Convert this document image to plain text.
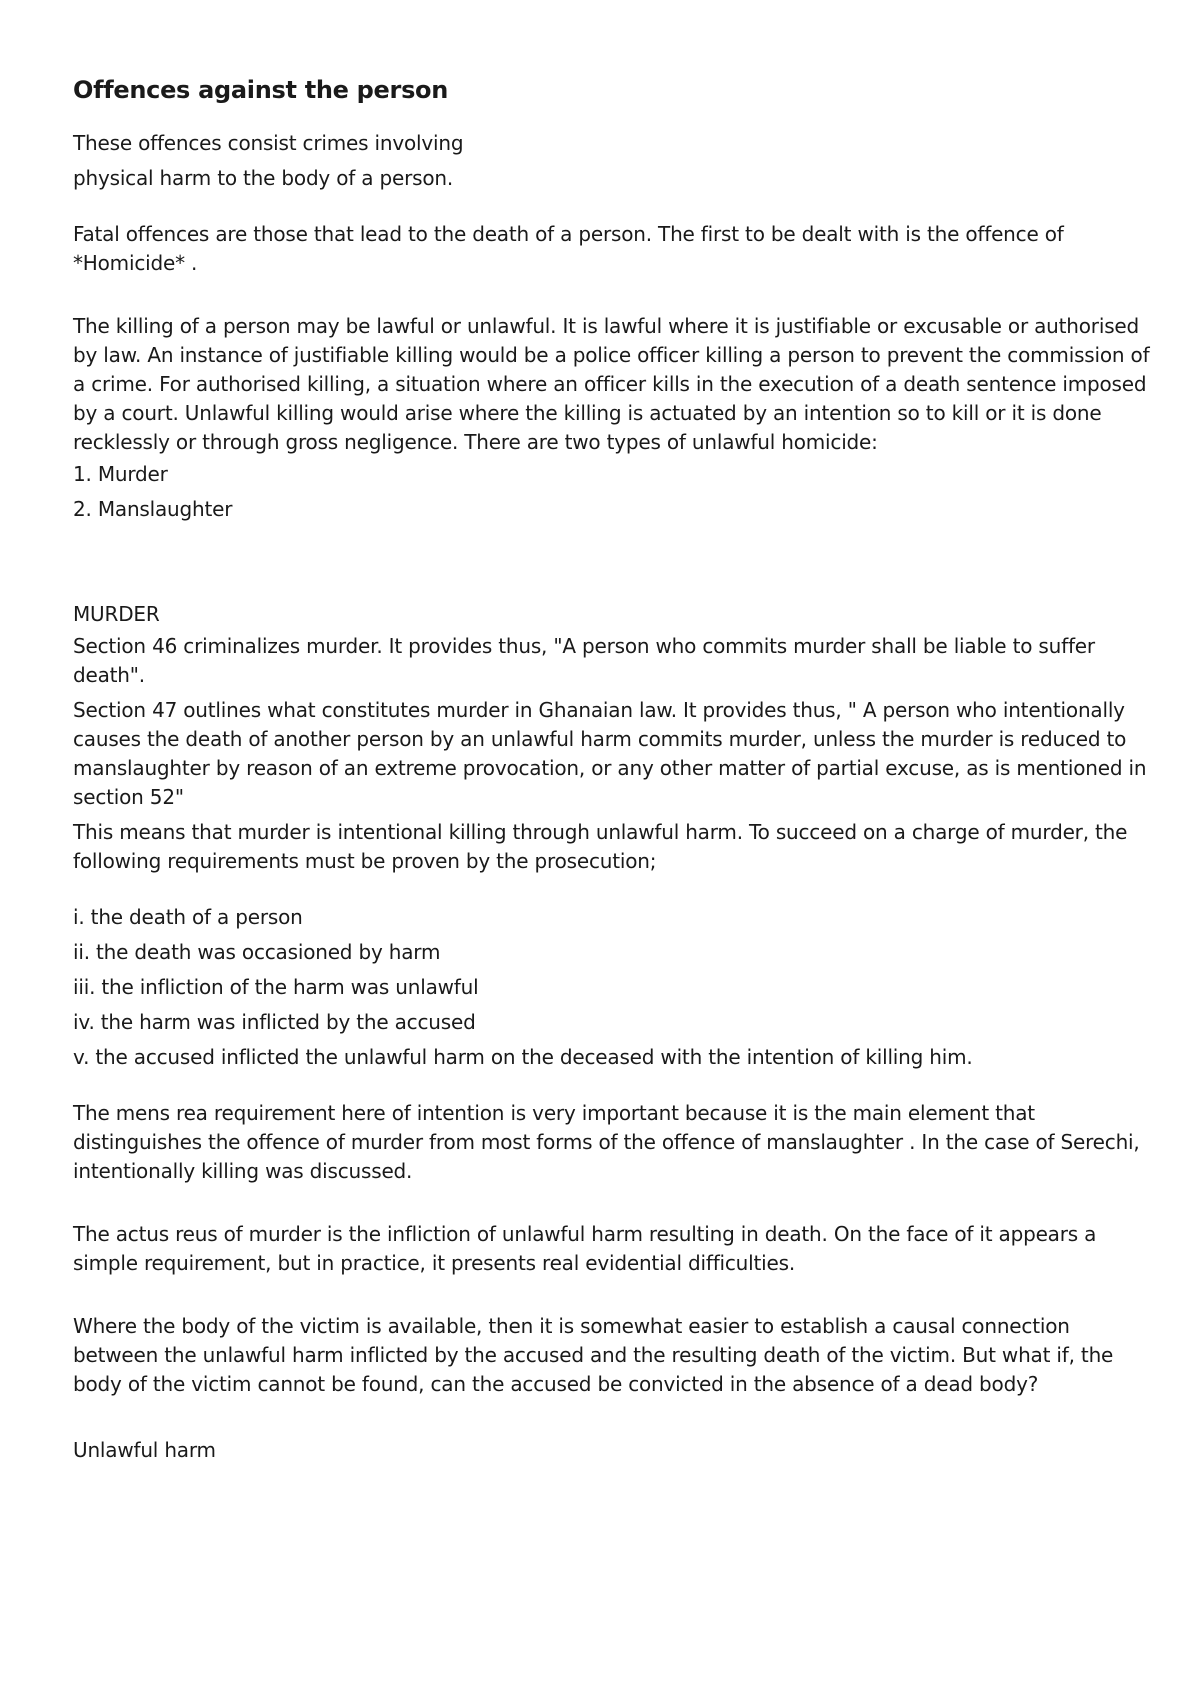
Offences against the person
These offences consist crimes involving
physical harm to the body of a person.

Fatal offences are those that lead to the death of a person. The first to be dealt with is the offence of *Homicide* .

The killing of a person may be lawful or unlawful. It is lawful where it is justifiable or excusable or authorised by law. An instance of justifiable killing would be a police officer killing a person to prevent the commission of a crime. For authorised killing, a situation where an officer kills in the execution of a death sentence imposed by a court. Unlawful killing would arise where the killing is actuated by an intention so to kill or it is done recklessly or through gross negligence. There are two types of unlawful homicide:

1. Murder
2. Manslaughter
MURDER

Section 46 criminalizes murder. It provides thus, "A person who commits murder shall be liable to suffer death".

Section 47 outlines what constitutes murder in Ghanaian law. It provides thus, " A person who intentionally causes the death of another person by an unlawful harm commits murder, unless the murder is reduced to manslaughter by reason of an extreme provocation, or any other matter of partial excuse, as is mentioned in section 52"

This means that murder is intentional killing through unlawful harm. To succeed on a charge of murder, the following requirements must be proven by the prosecution;

i. the death of a person
ii. the death was occasioned by harm
iii. the infliction of the harm was unlawful
iv. the harm was inflicted by the accused
v. the accused inflicted the unlawful harm on the deceased with the intention of killing him.

The mens rea requirement here of intention is very important because it is the main element that distinguishes the offence of murder from most forms of the offence of manslaughter . In the case of Serechi, intentionally killing was discussed.

The actus reus of murder is the infliction of unlawful harm resulting in death. On the face of it appears a simple requirement, but in practice, it presents real evidential difficulties.

Where the body of the victim is available, then it is somewhat easier to establish a causal connection between the unlawful harm inflicted by the accused and the resulting death of the victim. But what if, the body of the victim cannot be found, can the accused be convicted in the absence of a dead body?

Unlawful harm
